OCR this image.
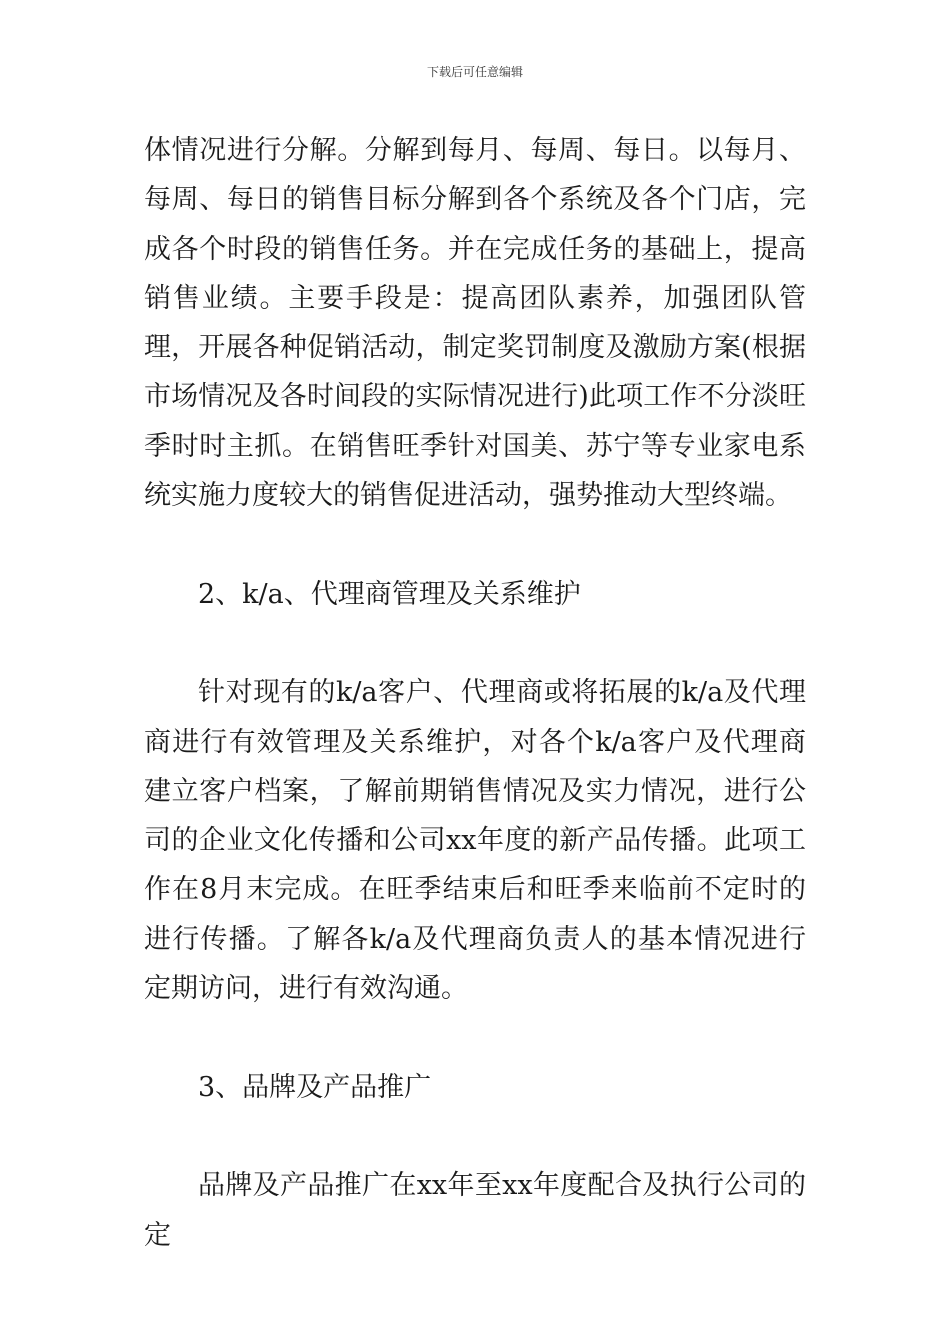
下载后可任意编辑

体情况进行分解。分解到每月、每周、每日。以每月、每周、每日的销售目标分解到各个系统及各个门店，完成各个时段的销售任务。并在完成任务的基础上，提高销售业绩。主要手段是：提高团队素养，加强团队管理，开展各种促销活动，制定奖罚制度及激励方案(根据市场情况及各时间段的实际情况进行)此项工作不分淡旺季时时主抓。在销售旺季针对国美、苏宁等专业家电系统实施力度较大的销售促进活动，强势推动大型终端。

2、k/a、代理商管理及关系维护

针对现有的k/a客户、代理商或将拓展的k/a及代理商进行有效管理及关系维护，对各个k/a客户及代理商建立客户档案，了解前期销售情况及实力情况，进行公司的企业文化传播和公司xx年度的新产品传播。此项工作在8月末完成。在旺季结束后和旺季来临前不定时的进行传播。了解各k/a及代理商负责人的基本情况进行定期访问，进行有效沟通。

3、品牌及产品推广

品牌及产品推广在xx年至xx年度配合及执行公司的定
